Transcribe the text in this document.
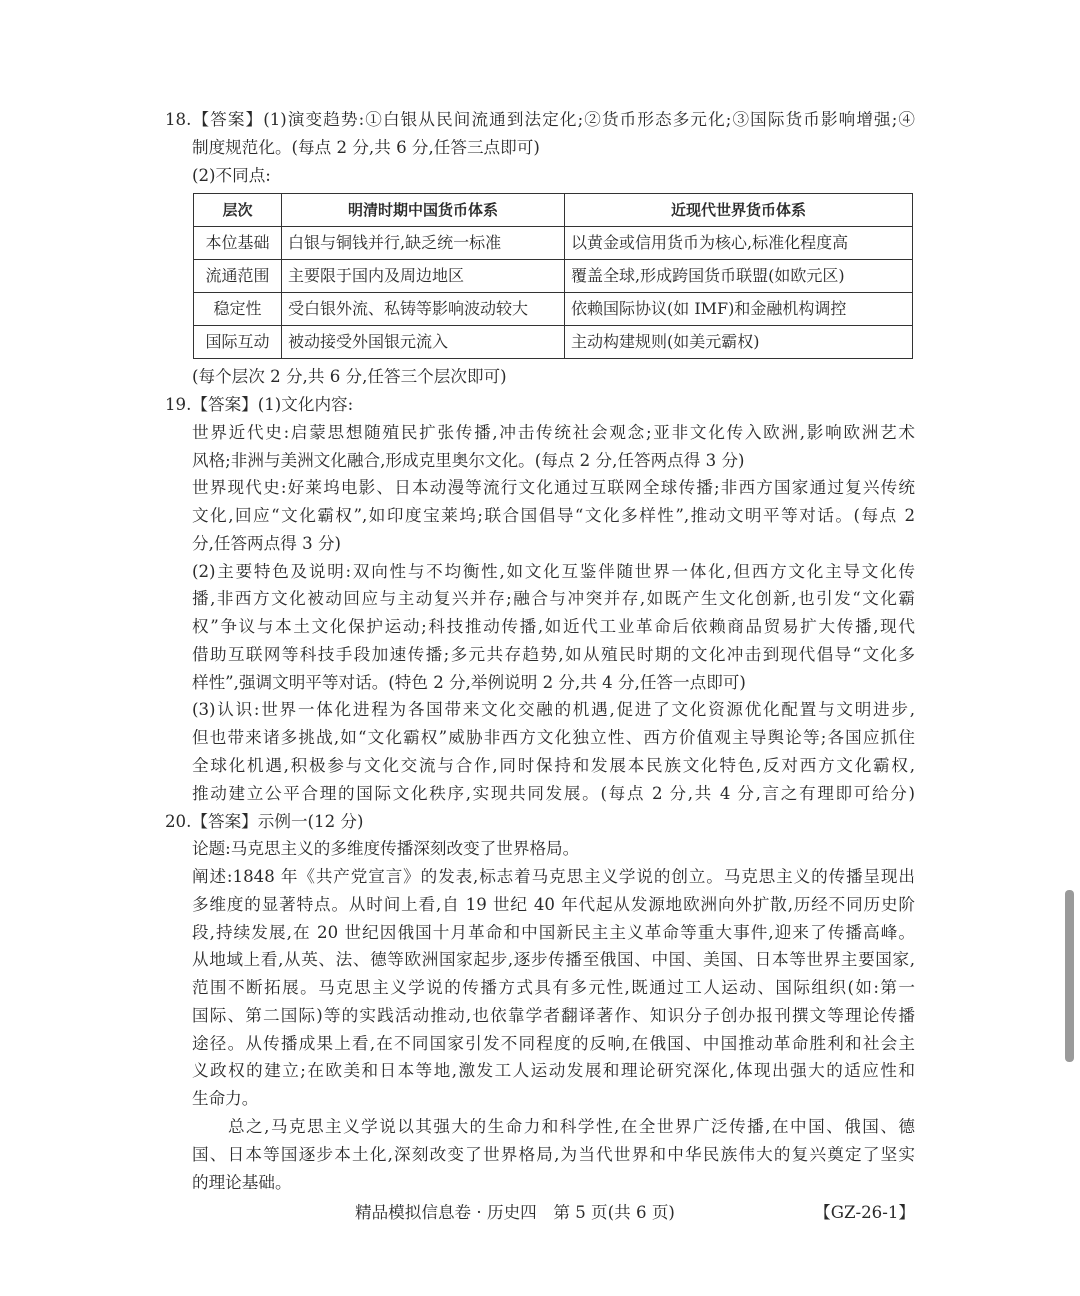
18.【答案】(1)演变趋势:①白银从民间流通到法定化;②货币形态多元化;③国际货币影响增强;④
制度规范化。(每点 2 分,共 6 分,任答三点即可)
(2)不同点:
层次	明清时期中国货币体系	近现代世界货币体系
本位基础	白银与铜钱并行,缺乏统一标准	以黄金或信用货币为核心,标准化程度高
流通范围	主要限于国内及周边地区	覆盖全球,形成跨国货币联盟(如欧元区)
稳定性	受白银外流、私铸等影响波动较大	依赖国际协议(如 IMF)和金融机构调控
国际互动	被动接受外国银元流入	主动构建规则(如美元霸权)
(每个层次 2 分,共 6 分,任答三个层次即可)
19.【答案】(1)文化内容:
世界近代史:启蒙思想随殖民扩张传播,冲击传统社会观念;亚非文化传入欧洲,影响欧洲艺术
风格;非洲与美洲文化融合,形成克里奥尔文化。(每点 2 分,任答两点得 3 分)
世界现代史:好莱坞电影、日本动漫等流行文化通过互联网全球传播;非西方国家通过复兴传统
文化,回应“文化霸权”,如印度宝莱坞;联合国倡导“文化多样性”,推动文明平等对话。(每点 2
分,任答两点得 3 分)
(2)主要特色及说明:双向性与不均衡性,如文化互鉴伴随世界一体化,但西方文化主导文化传
播,非西方文化被动回应与主动复兴并存;融合与冲突并存,如既产生文化创新,也引发“文化霸
权”争议与本土文化保护运动;科技推动传播,如近代工业革命后依赖商品贸易扩大传播,现代
借助互联网等科技手段加速传播;多元共存趋势,如从殖民时期的文化冲击到现代倡导“文化多
样性”,强调文明平等对话。(特色 2 分,举例说明 2 分,共 4 分,任答一点即可)
(3)认识:世界一体化进程为各国带来文化交融的机遇,促进了文化资源优化配置与文明进步,
但也带来诸多挑战,如“文化霸权”威胁非西方文化独立性、西方价值观主导舆论等;各国应抓住
全球化机遇,积极参与文化交流与合作,同时保持和发展本民族文化特色,反对西方文化霸权,
推动建立公平合理的国际文化秩序,实现共同发展。(每点 2 分,共 4 分,言之有理即可给分)
20.【答案】示例一(12 分)
论题:马克思主义的多维度传播深刻改变了世界格局。
阐述:1848 年《共产党宣言》的发表,标志着马克思主义学说的创立。马克思主义的传播呈现出
多维度的显著特点。从时间上看,自 19 世纪 40 年代起从发源地欧洲向外扩散,历经不同历史阶
段,持续发展,在 20 世纪因俄国十月革命和中国新民主主义革命等重大事件,迎来了传播高峰。
从地域上看,从英、法、德等欧洲国家起步,逐步传播至俄国、中国、美国、日本等世界主要国家,
范围不断拓展。马克思主义学说的传播方式具有多元性,既通过工人运动、国际组织(如:第一
国际、第二国际)等的实践活动推动,也依靠学者翻译著作、知识分子创办报刊撰文等理论传播
途径。从传播成果上看,在不同国家引发不同程度的反响,在俄国、中国推动革命胜利和社会主
义政权的建立;在欧美和日本等地,激发工人运动发展和理论研究深化,体现出强大的适应性和
生命力。
总之,马克思主义学说以其强大的生命力和科学性,在全世界广泛传播,在中国、俄国、德
国、日本等国逐步本土化,深刻改变了世界格局,为当代世界和中华民族伟大的复兴奠定了坚实
的理论基础。
精品模拟信息卷 · 历史四　第 5 页(共 6 页)	【GZ-26-1】
